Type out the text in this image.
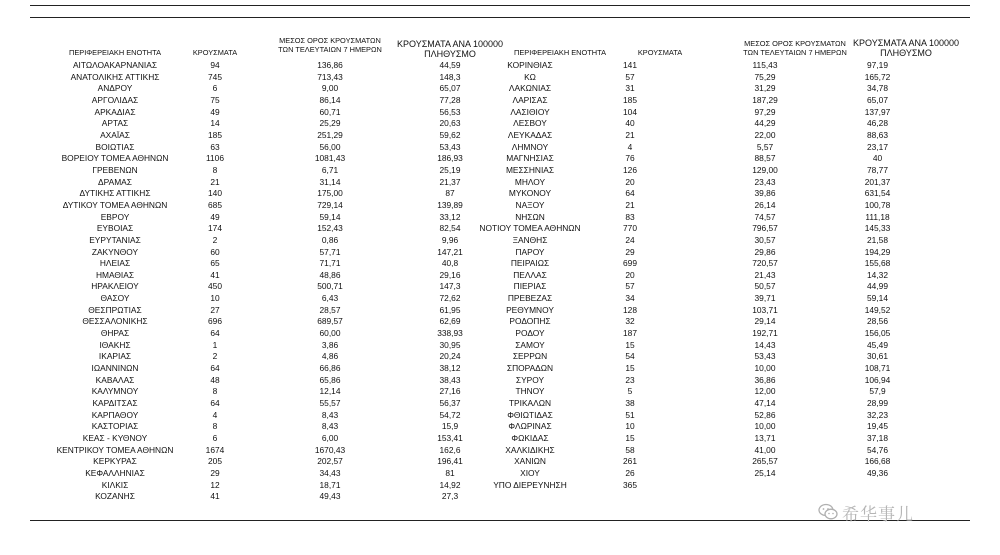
ΠΕΡΙΦΕΡΕΙΑΚΗ ΕΝΟΤΗΤΑ	ΚΡΟΥΣΜΑΤΑ
ΜΕΣΟΣ ΟΡΟΣ ΚΡΟΥΣΜΑΤΩΝ
ΤΩΝ ΤΕΛΕΥΤΑΙΩΝ 7 ΗΜΕΡΩΝ
ΚΡΟΥΣΜΑΤΑ ΑΝΑ 100000
ΠΛΗΘΥΣΜΟ	ΠΕΡΙΦΕΡΕΙΑΚΗ ΕΝΟΤΗΤΑ	ΚΡΟΥΣΜΑΤΑ
ΜΕΣΟΣ ΟΡΟΣ ΚΡΟΥΣΜΑΤΩΝ
ΤΩΝ ΤΕΛΕΥΤΑΙΩΝ 7 ΗΜΕΡΩΝ
ΚΡΟΥΣΜΑΤΑ ΑΝΑ 100000
ΠΛΗΘΥΣΜΟ
ΑΙΤΩΛΟΑΚΑΡΝΑΝΙΑΣ	94	136,86	44,59
ΑΝΑΤΟΛΙΚΗΣ ΑΤΤΙΚΗΣ	745	713,43	148,3
ΑΝΔΡΟΥ	6	9,00	65,07
ΑΡΓΟΛΙΔΑΣ	75	86,14	77,28
ΑΡΚΑΔΙΑΣ	49	60,71	56,53
ΑΡΤΑΣ	14	25,29	20,63
ΑΧΑΪΑΣ	185	251,29	59,62
ΒΟΙΩΤΙΑΣ	63	56,00	53,43
ΒΟΡΕΙΟΥ ΤΟΜΕΑ ΑΘΗΝΩΝ	1106	1081,43	186,93
ΓΡΕΒΕΝΩΝ	8	6,71	25,19
ΔΡΑΜΑΣ	21	31,14	21,37
ΔΥΤΙΚΗΣ ΑΤΤΙΚΗΣ	140	175,00	87
ΔΥΤΙΚΟΥ ΤΟΜΕΑ ΑΘΗΝΩΝ	685	729,14	139,89
ΕΒΡΟΥ	49	59,14	33,12
ΕΥΒΟΙΑΣ	174	152,43	82,54
ΕΥΡΥΤΑΝΙΑΣ	2	0,86	9,96
ΖΑΚΥΝΘΟΥ	60	57,71	147,21
ΗΛΕΙΑΣ	65	71,71	40,8
ΗΜΑΘΙΑΣ	41	48,86	29,16
ΗΡΑΚΛΕΙΟΥ	450	500,71	147,3
ΘΑΣΟΥ	10	6,43	72,62
ΘΕΣΠΡΩΤΙΑΣ	27	28,57	61,95
ΘΕΣΣΑΛΟΝΙΚΗΣ	696	689,57	62,69
ΘΗΡΑΣ	64	60,00	338,93
ΙΘΑΚΗΣ	1	3,86	30,95
ΙΚΑΡΙΑΣ	2	4,86	20,24
ΙΩΑΝΝΙΝΩΝ	64	66,86	38,12
ΚΑΒΑΛΑΣ	48	65,86	38,43
ΚΑΛΥΜΝΟΥ	8	12,14	27,16
ΚΑΡΔΙΤΣΑΣ	64	55,57	56,37
ΚΑΡΠΑΘΟΥ	4	8,43	54,72
ΚΑΣΤΟΡΙΑΣ	8	8,43	15,9
ΚΕΑΣ - ΚΥΘΝΟΥ	6	6,00	153,41
ΚΕΝΤΡΙΚΟΥ ΤΟΜΕΑ ΑΘΗΝΩΝ	1674	1670,43	162,6
ΚΕΡΚΥΡΑΣ	205	202,57	196,41
ΚΕΦΑΛΛΗΝΙΑΣ	29	34,43	81
ΚΙΛΚΙΣ	12	18,71	14,92
ΚΟΖΑΝΗΣ	41	49,43	27,3
ΚΟΡΙΝΘΙΑΣ	141	115,43	97,19
ΚΩ	57	75,29	165,72
ΛΑΚΩΝΙΑΣ	31	31,29	34,78
ΛΑΡΙΣΑΣ	185	187,29	65,07
ΛΑΣΙΘΙΟΥ	104	97,29	137,97
ΛΕΣΒΟΥ	40	44,29	46,28
ΛΕΥΚΑΔΑΣ	21	22,00	88,63
ΛΗΜΝΟΥ	4	5,57	23,17
ΜΑΓΝΗΣΙΑΣ	76	88,57	40
ΜΕΣΣΗΝΙΑΣ	126	129,00	78,77
ΜΗΛΟΥ	20	23,43	201,37
ΜΥΚΟΝΟΥ	64	39,86	631,54
ΝΑΞΟΥ	21	26,14	100,78
ΝΗΣΩΝ	83	74,57	111,18
ΝΟΤΙΟΥ ΤΟΜΕΑ ΑΘΗΝΩΝ	770	796,57	145,33
ΞΑΝΘΗΣ	24	30,57	21,58
ΠΑΡΟΥ	29	29,86	194,29
ΠΕΙΡΑΙΩΣ	699	720,57	155,68
ΠΕΛΛΑΣ	20	21,43	14,32
ΠΙΕΡΙΑΣ	57	50,57	44,99
ΠΡΕΒΕΖΑΣ	34	39,71	59,14
ΡΕΘΥΜΝΟΥ	128	103,71	149,52
ΡΟΔΟΠΗΣ	32	29,14	28,56
ΡΟΔΟΥ	187	192,71	156,05
ΣΑΜΟΥ	15	14,43	45,49
ΣΕΡΡΩΝ	54	53,43	30,61
ΣΠΟΡΑΔΩΝ	15	10,00	108,71
ΣΥΡΟΥ	23	36,86	106,94
ΤΗΝΟΥ	5	12,00	57,9
ΤΡΙΚΑΛΩΝ	38	47,14	28,99
ΦΘΙΩΤΙΔΑΣ	51	52,86	32,23
ΦΛΩΡΙΝΑΣ	10	10,00	19,45
ΦΩΚΙΔΑΣ	15	13,71	37,18
ΧΑΛΚΙΔΙΚΗΣ	58	41,00	54,76
ΧΑΝΙΩΝ	261	265,57	166,68
ΧΙΟΥ	26	25,14	49,36
ΥΠΟ ΔΙΕΡΕΥΝΗΣΗ	365
希华事儿
